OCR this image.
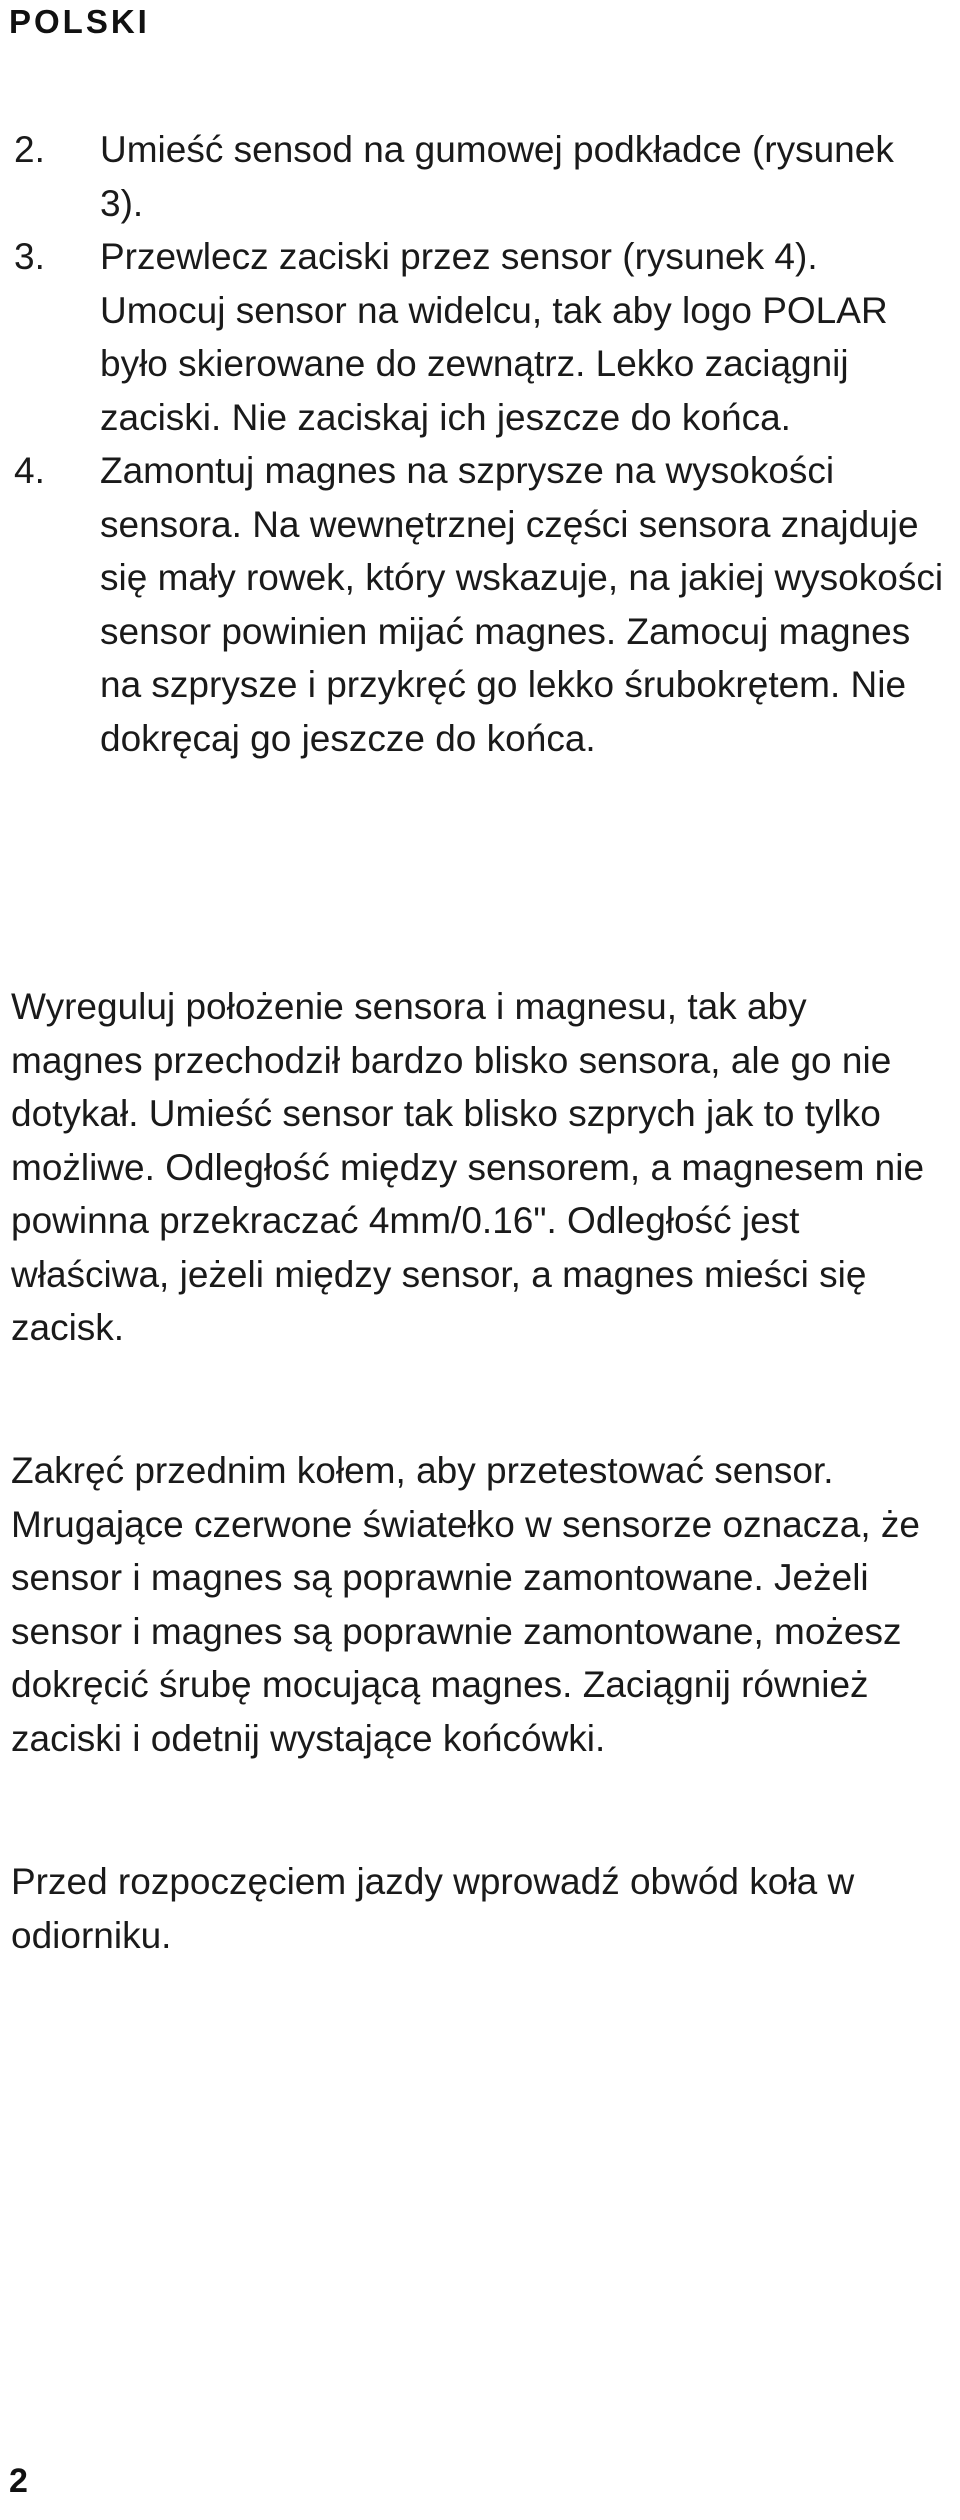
POLSKI
2.	Umieść sensod na gumowej podkładce (rysunek 3).
3.	Przewlecz zaciski przez sensor (rysunek 4). Umocuj sensor na widelcu, tak aby logo POLAR było skierowane do zewnątrz. Lekko zaciągnij zaciski. Nie zaciskaj ich jeszcze do końca.
4.	Zamontuj magnes na szprysze na wysokości sensora. Na wewnętrznej części sensora znajduje się mały rowek, który wskazuje, na jakiej wysokości sensor powinien mijać magnes. Zamocuj magnes na szprysze i przykręć go lekko śrubokrętem. Nie dokręcaj go jeszcze do końca.

Wyreguluj położenie sensora i magnesu, tak aby magnes przechodził bardzo blisko sensora, ale go nie dotykał. Umieść sensor tak blisko szprych jak to tylko możliwe. Odległość między sensorem, a magnesem nie powinna przekraczać 4mm/0.16". Odległość jest właściwa, jeżeli między sensor, a magnes mieści się zacisk.

Zakręć przednim kołem, aby przetestować sensor. Mrugające czerwone światełko w sensorze oznacza, że sensor i magnes są poprawnie zamontowane. Jeżeli sensor i magnes są poprawnie zamontowane, możesz dokręcić śrubę mocującą magnes. Zaciągnij również zaciski i odetnij wystające końcówki.

Przed rozpoczęciem jazdy wprowadź obwód koła w odiorniku.

2
